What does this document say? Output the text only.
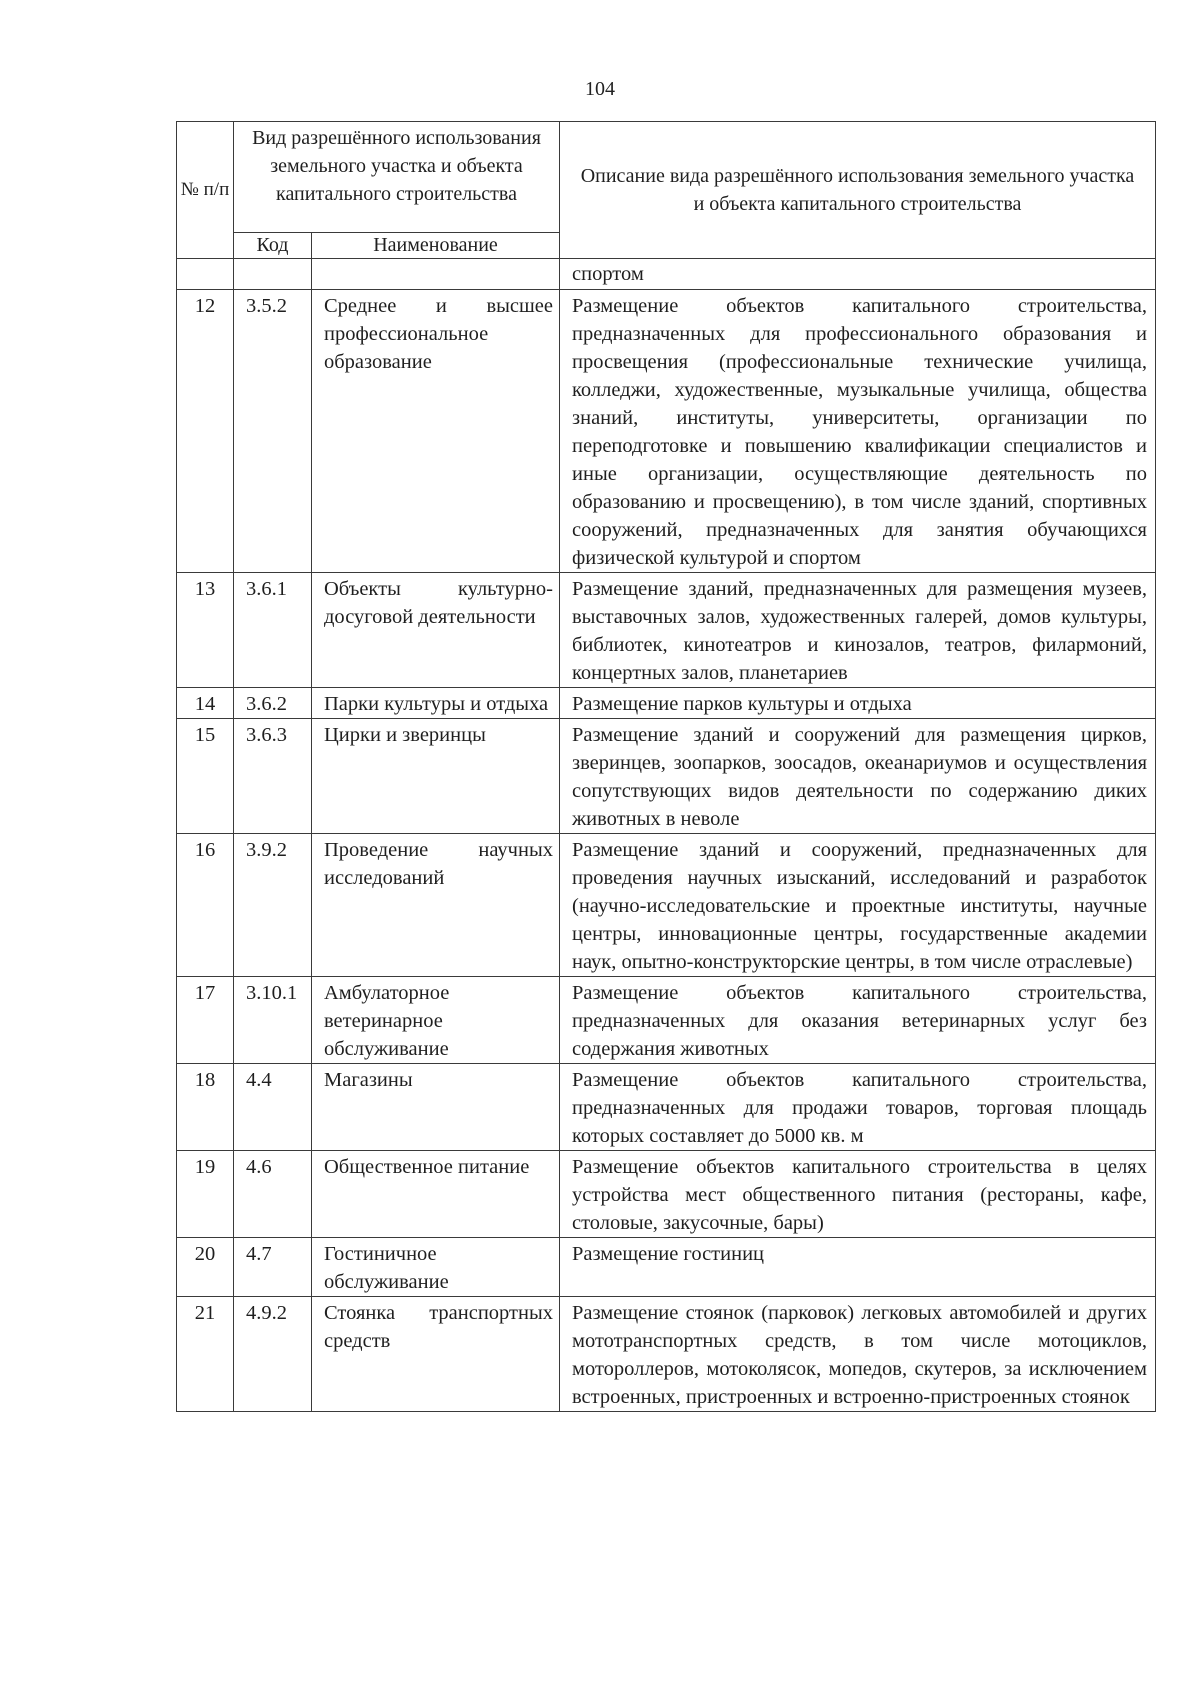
104
№ п/п	Вид разрешённого использования земельного участка и объекта капитального строительства		Описание вида разрешённого использования земельного участка и объекта капитального строительства
	Код	Наименование	
			спортом
12	3.5.2	Среднее и высшее профессиональное образование	Размещение объектов капитального строительства, предназначенных для профессионального образования и просвещения (профессиональные технические училища, колледжи, художественные, музыкальные училища, общества знаний, институты, университеты, организации по переподготовке и повышению квалификации специалистов и иные организации, осуществляющие деятельность по образованию и просвещению), в том числе зданий, спортивных сооружений, предназначенных для занятия обучающихся физической культурой и спортом
13	3.6.1	Объекты культурно-досуговой деятельности	Размещение зданий, предназначенных для размещения музеев, выставочных залов, художественных галерей, домов культуры, библиотек, кинотеатров и кинозалов, театров, филармоний, концертных залов, планетариев
14	3.6.2	Парки культуры и отдыха	Размещение парков культуры и отдыха
15	3.6.3	Цирки и зверинцы	Размещение зданий и сооружений для размещения цирков, зверинцев, зоопарков, зоосадов, океанариумов и осуществления сопутствующих видов деятельности по содержанию диких животных в неволе
16	3.9.2	Проведение научных исследований	Размещение зданий и сооружений, предназначенных для проведения научных изысканий, исследований и разработок (научно-исследовательские и проектные институты, научные центры, инновационные центры, государственные академии наук, опытно-конструкторские центры, в том числе отраслевые)
17	3.10.1	Амбулаторное ветеринарное обслуживание	Размещение объектов капитального строительства, предназначенных для оказания ветеринарных услуг без содержания животных
18	4.4	Магазины	Размещение объектов капитального строительства, предназначенных для продажи товаров, торговая площадь которых составляет до 5000 кв. м
19	4.6	Общественное питание	Размещение объектов капитального строительства в целях устройства мест общественного питания (рестораны, кафе, столовые, закусочные, бары)
20	4.7	Гостиничное обслуживание	Размещение гостиниц
21	4.9.2	Стоянка транспортных средств	Размещение стоянок (парковок) легковых автомобилей и других мототранспортных средств, в том числе мотоциклов, мотороллеров, мотоколясок, мопедов, скутеров, за исключением встроенных, пристроенных и встроенно-пристроенных стоянок
